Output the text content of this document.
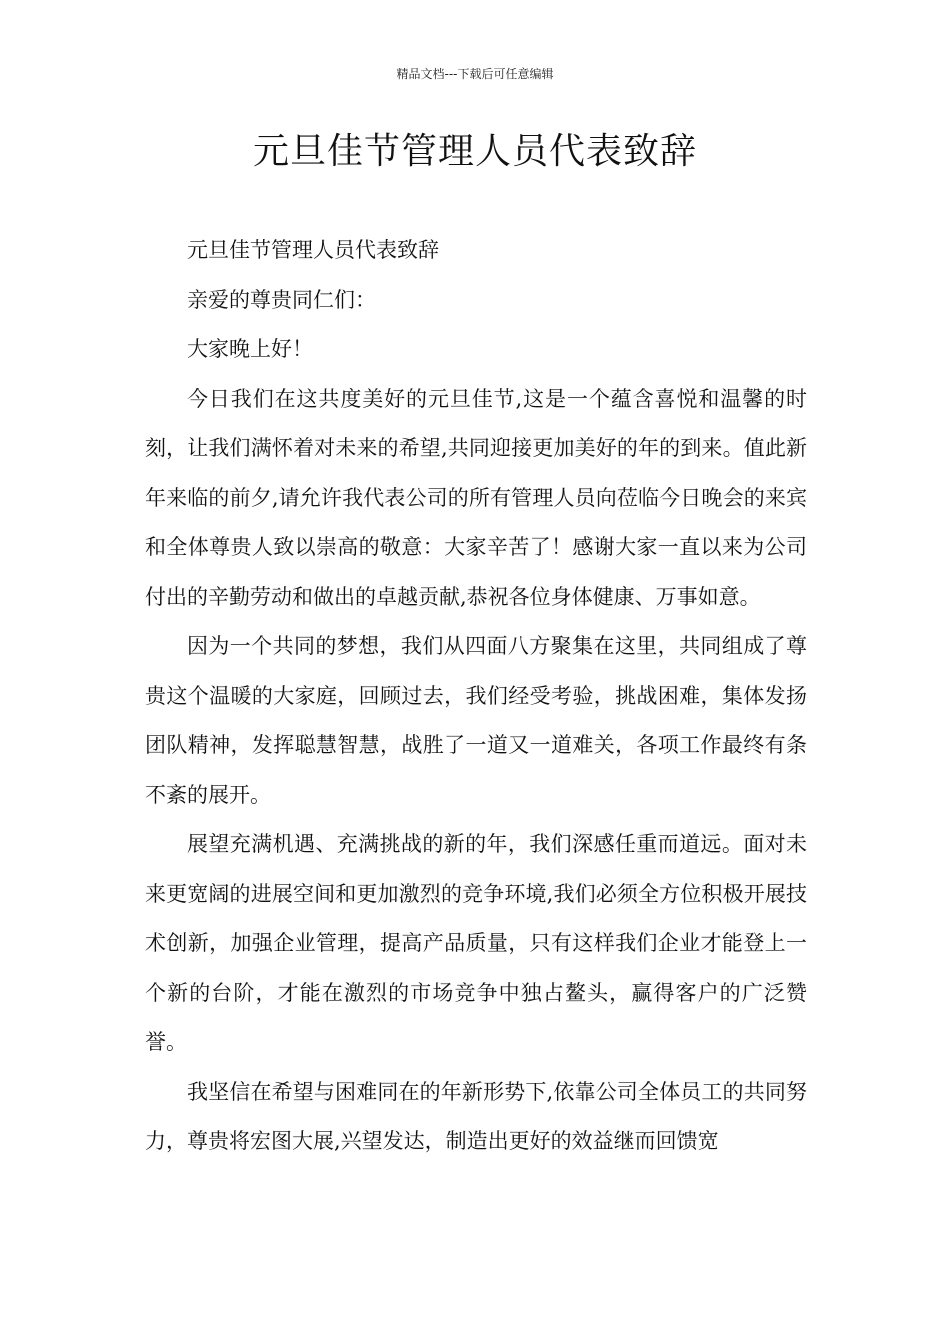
精品文档---下载后可任意编辑
元旦佳节管理人员代表致辞

元旦佳节管理人员代表致辞

亲爱的尊贵同仁们：

大家晚上好！

今日我们在这共度美好的元旦佳节,这是一个蕴含喜悦和温馨的时刻，让我们满怀着对未来的希望,共同迎接更加美好的年的到来。值此新年来临的前夕,请允许我代表公司的所有管理人员向莅临今日晚会的来宾和全体尊贵人致以崇高的敬意：大家辛苦了！感谢大家一直以来为公司付出的辛勤劳动和做出的卓越贡献,恭祝各位身体健康、万事如意。

因为一个共同的梦想，我们从四面八方聚集在这里，共同组成了尊贵这个温暖的大家庭，回顾过去，我们经受考验，挑战困难，集体发扬团队精神，发挥聪慧智慧，战胜了一道又一道难关，各项工作最终有条不紊的展开。

展望充满机遇、充满挑战的新的年，我们深感任重而道远。面对未来更宽阔的进展空间和更加激烈的竞争环境,我们必须全方位积极开展技术创新，加强企业管理，提高产品质量，只有这样我们企业才能登上一个新的台阶，才能在激烈的市场竞争中独占鳌头，赢得客户的广泛赞誉。

我坚信在希望与困难同在的年新形势下,依靠公司全体员工的共同努力，尊贵将宏图大展,兴望发达，制造出更好的效益继而回馈宽
